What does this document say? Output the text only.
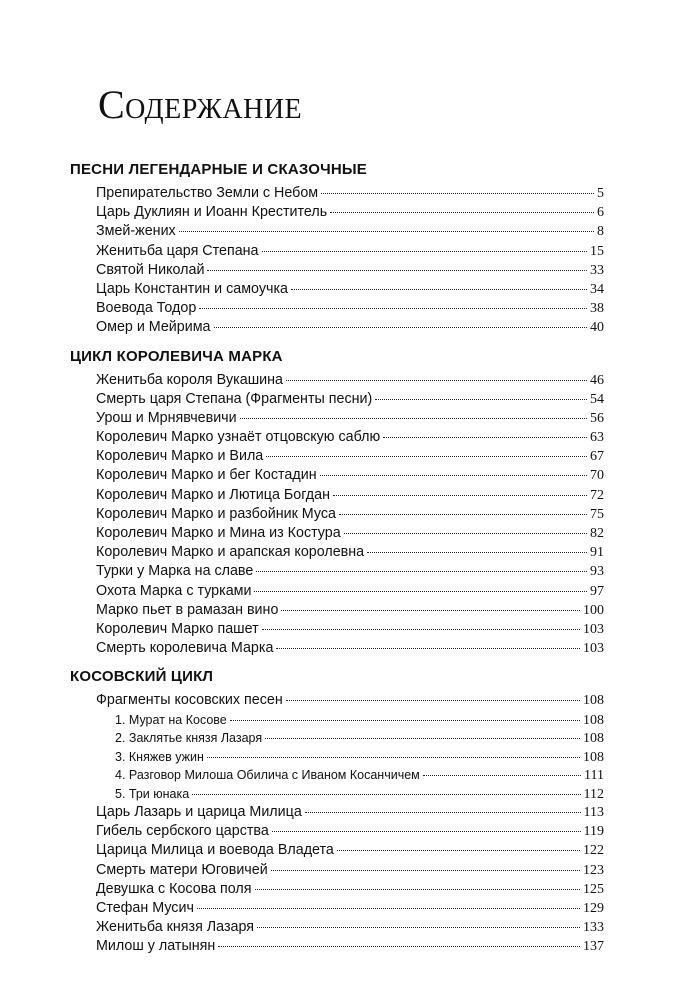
Содержание
ПЕСНИ ЛЕГЕНДАРНЫЕ И СКАЗОЧНЫЕ
Препирательство Земли с Небом	5
Царь Дуклиян и Иоанн Креститель	6
Змей-жених	8
Женитьба царя Степана	15
Святой Николай	33
Царь Константин и самоучка	34
Воевода Тодор	38
Омер и Мейрима	40
ЦИКЛ КОРОЛЕВИЧА МАРКА
Женитьба короля Вукашина	46
Смерть царя Степана (Фрагменты песни)	54
Урош и Мрнявчевичи	56
Королевич Марко узнаёт отцовскую саблю	63
Королевич Марко и Вила	67
Королевич Марко и бег Костадин	70
Королевич Марко и Лютица Богдан	72
Королевич Марко и разбойник Муса	75
Королевич Марко и Мина из Костура	82
Королевич Марко и арапская королевна	91
Турки у Марка на славе	93
Охота Марка с турками	97
Марко пьет в рамазан вино	100
Королевич Марко пашет	103
Смерть королевича Марка	103
КОСОВСКИЙ ЦИКЛ
Фрагменты косовских песен	108
1. Мурат на Косове	108
2. Заклятье князя Лазаря	108
3. Княжев ужин	108
4. Разговор Милоша Обилича с Иваном Косанчичем	111
5. Три юнака	112
Царь Лазарь и царица Милица	113
Гибель сербского царства	119
Царица Милица и воевода Владета	122
Смерть матери Юговичей	123
Девушка с Косова поля	125
Стефан Мусич	129
Женитьба князя Лазаря	133
Милош у латынян	137
